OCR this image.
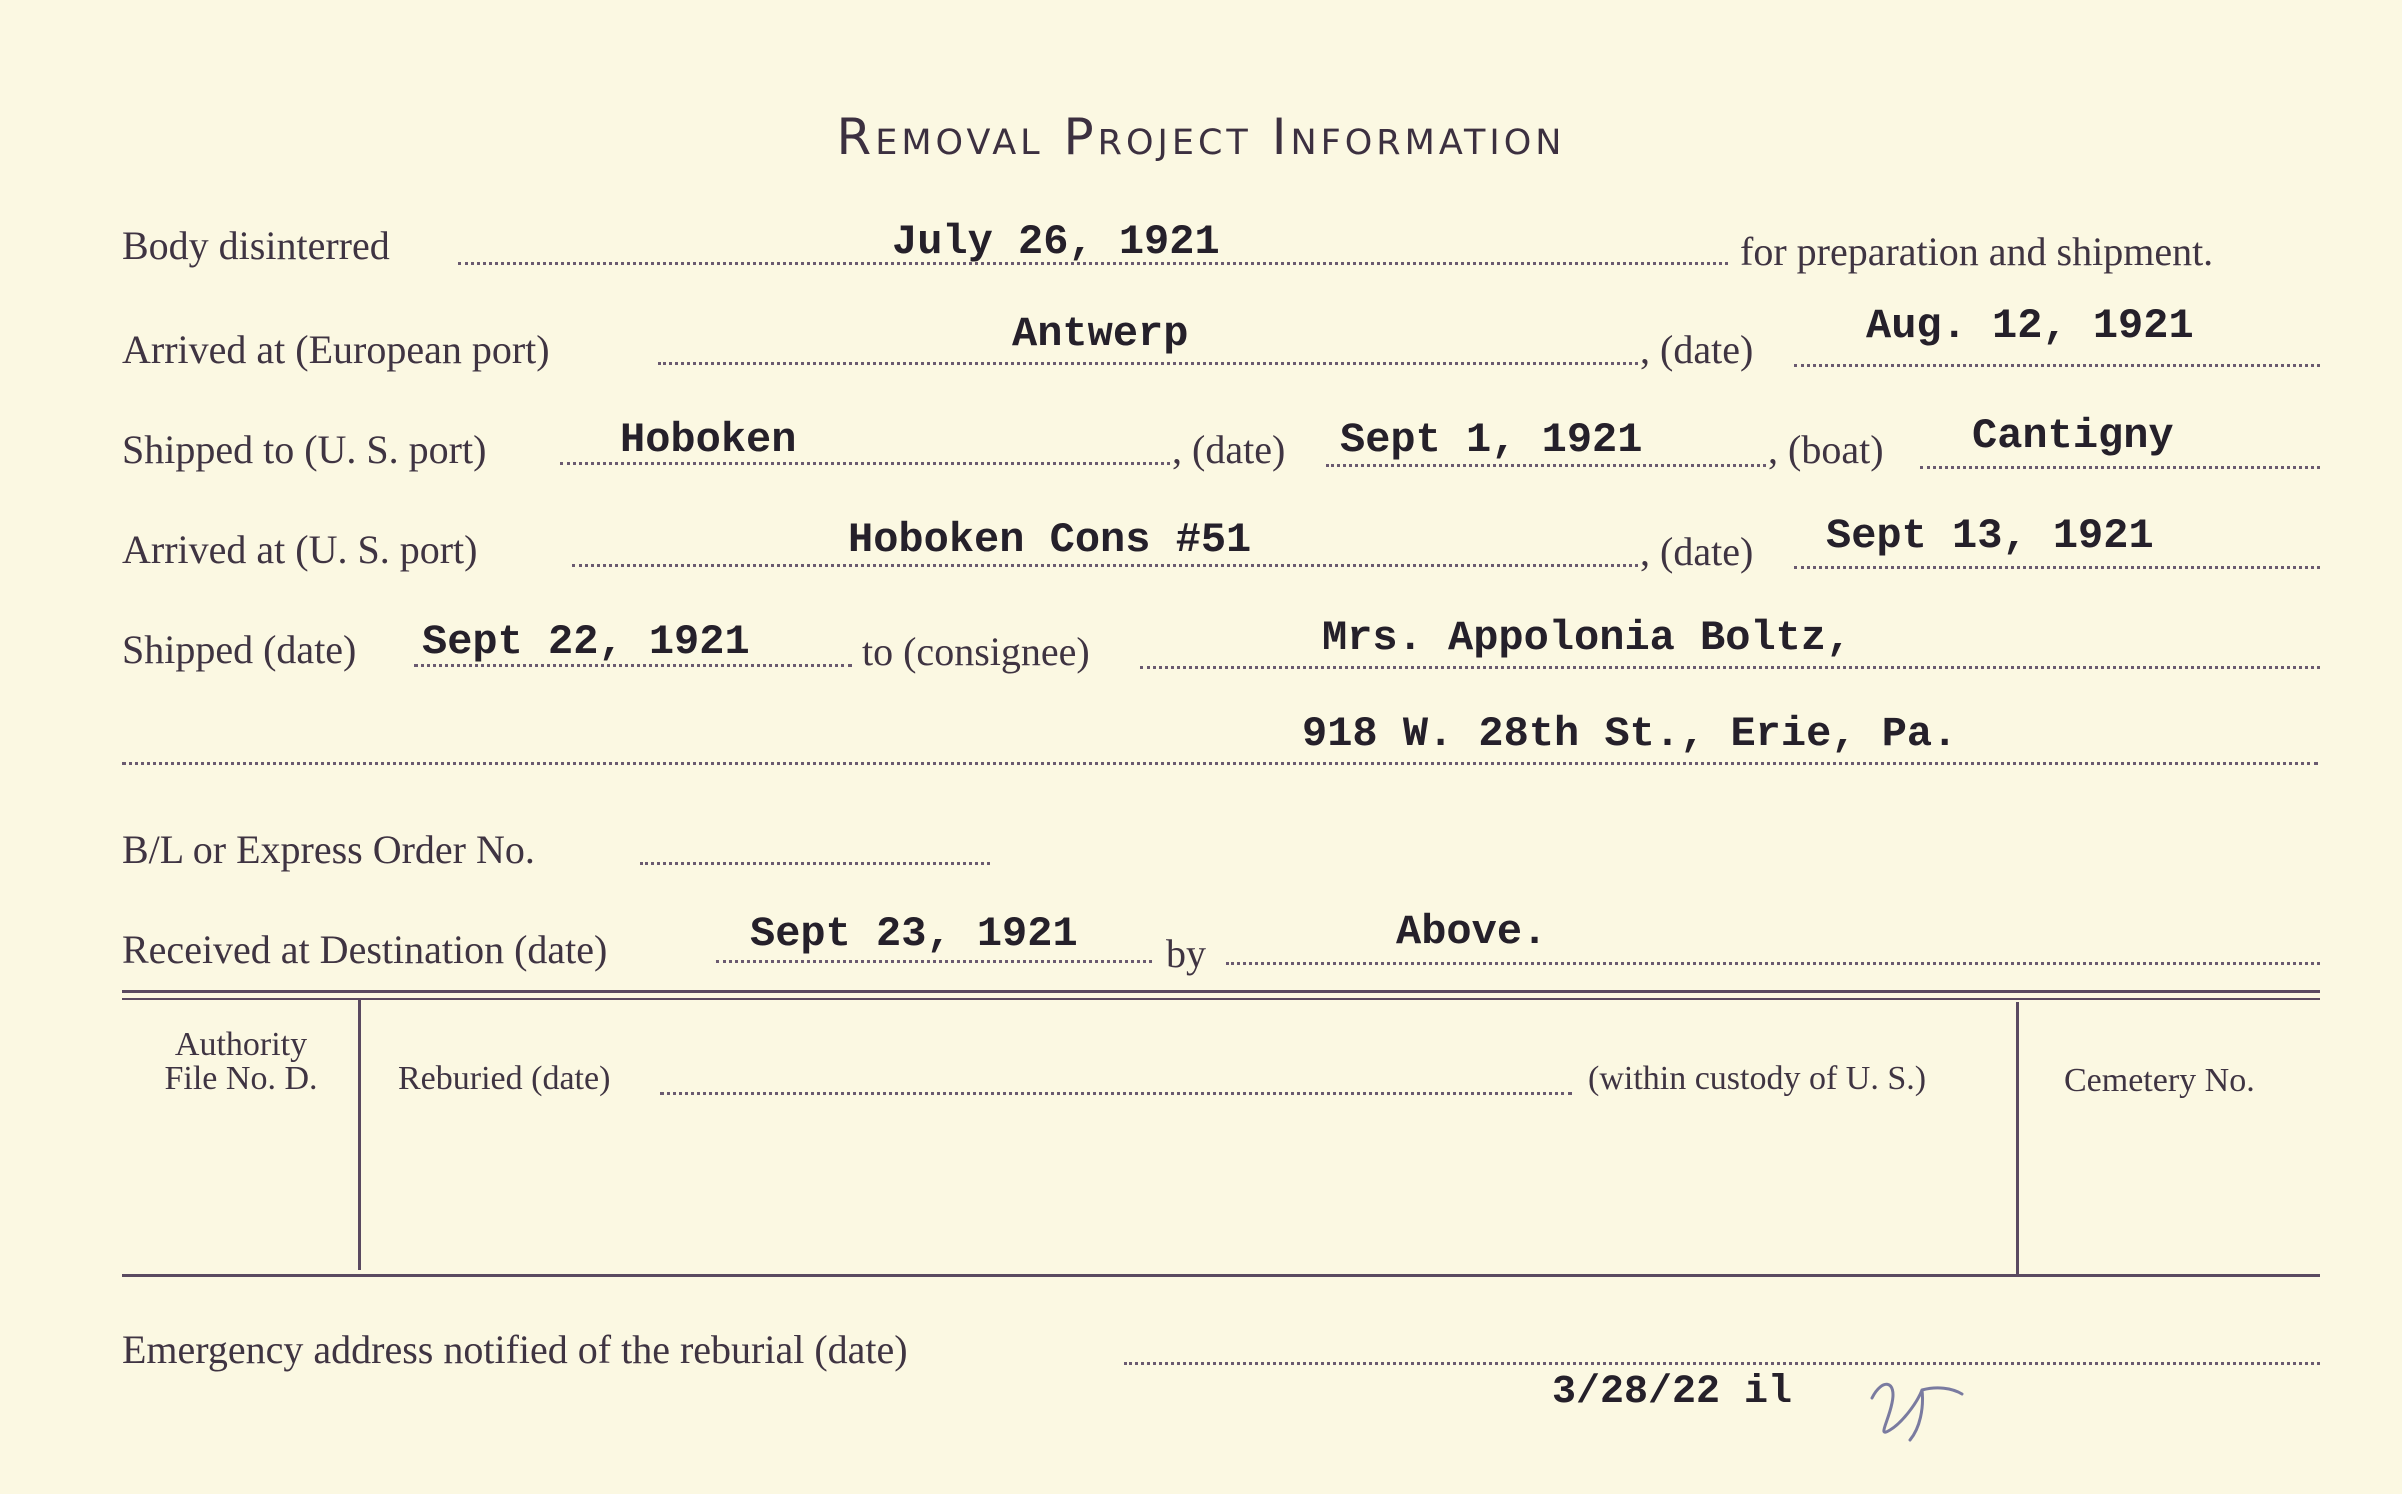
Removal Project Information
Body disinterred	July 26, 1921	for preparation and shipment.
Arrived at (European port)	Antwerp	, (date)	Aug. 12, 1921
Shipped to (U. S. port)	Hoboken	, (date) Sept 1, 1921	, (boat) Cantigny
Arrived at (U. S. port)	Hoboken Cons #51	, (date) Sept 13, 1921
Shipped (date) Sept 22, 1921	to (consignee)	Mrs. Appolonia Boltz,
918 W. 28th St., Erie, Pa.
B/L or Express Order No.
Received at Destination (date)	Sept 23, 1921 by	Above.
Authority
File No. D.	Reburied (date)	(within custody of U. S.)	Cemetery No.
Emergency address notified of the reburial (date)
3/28/22 il
